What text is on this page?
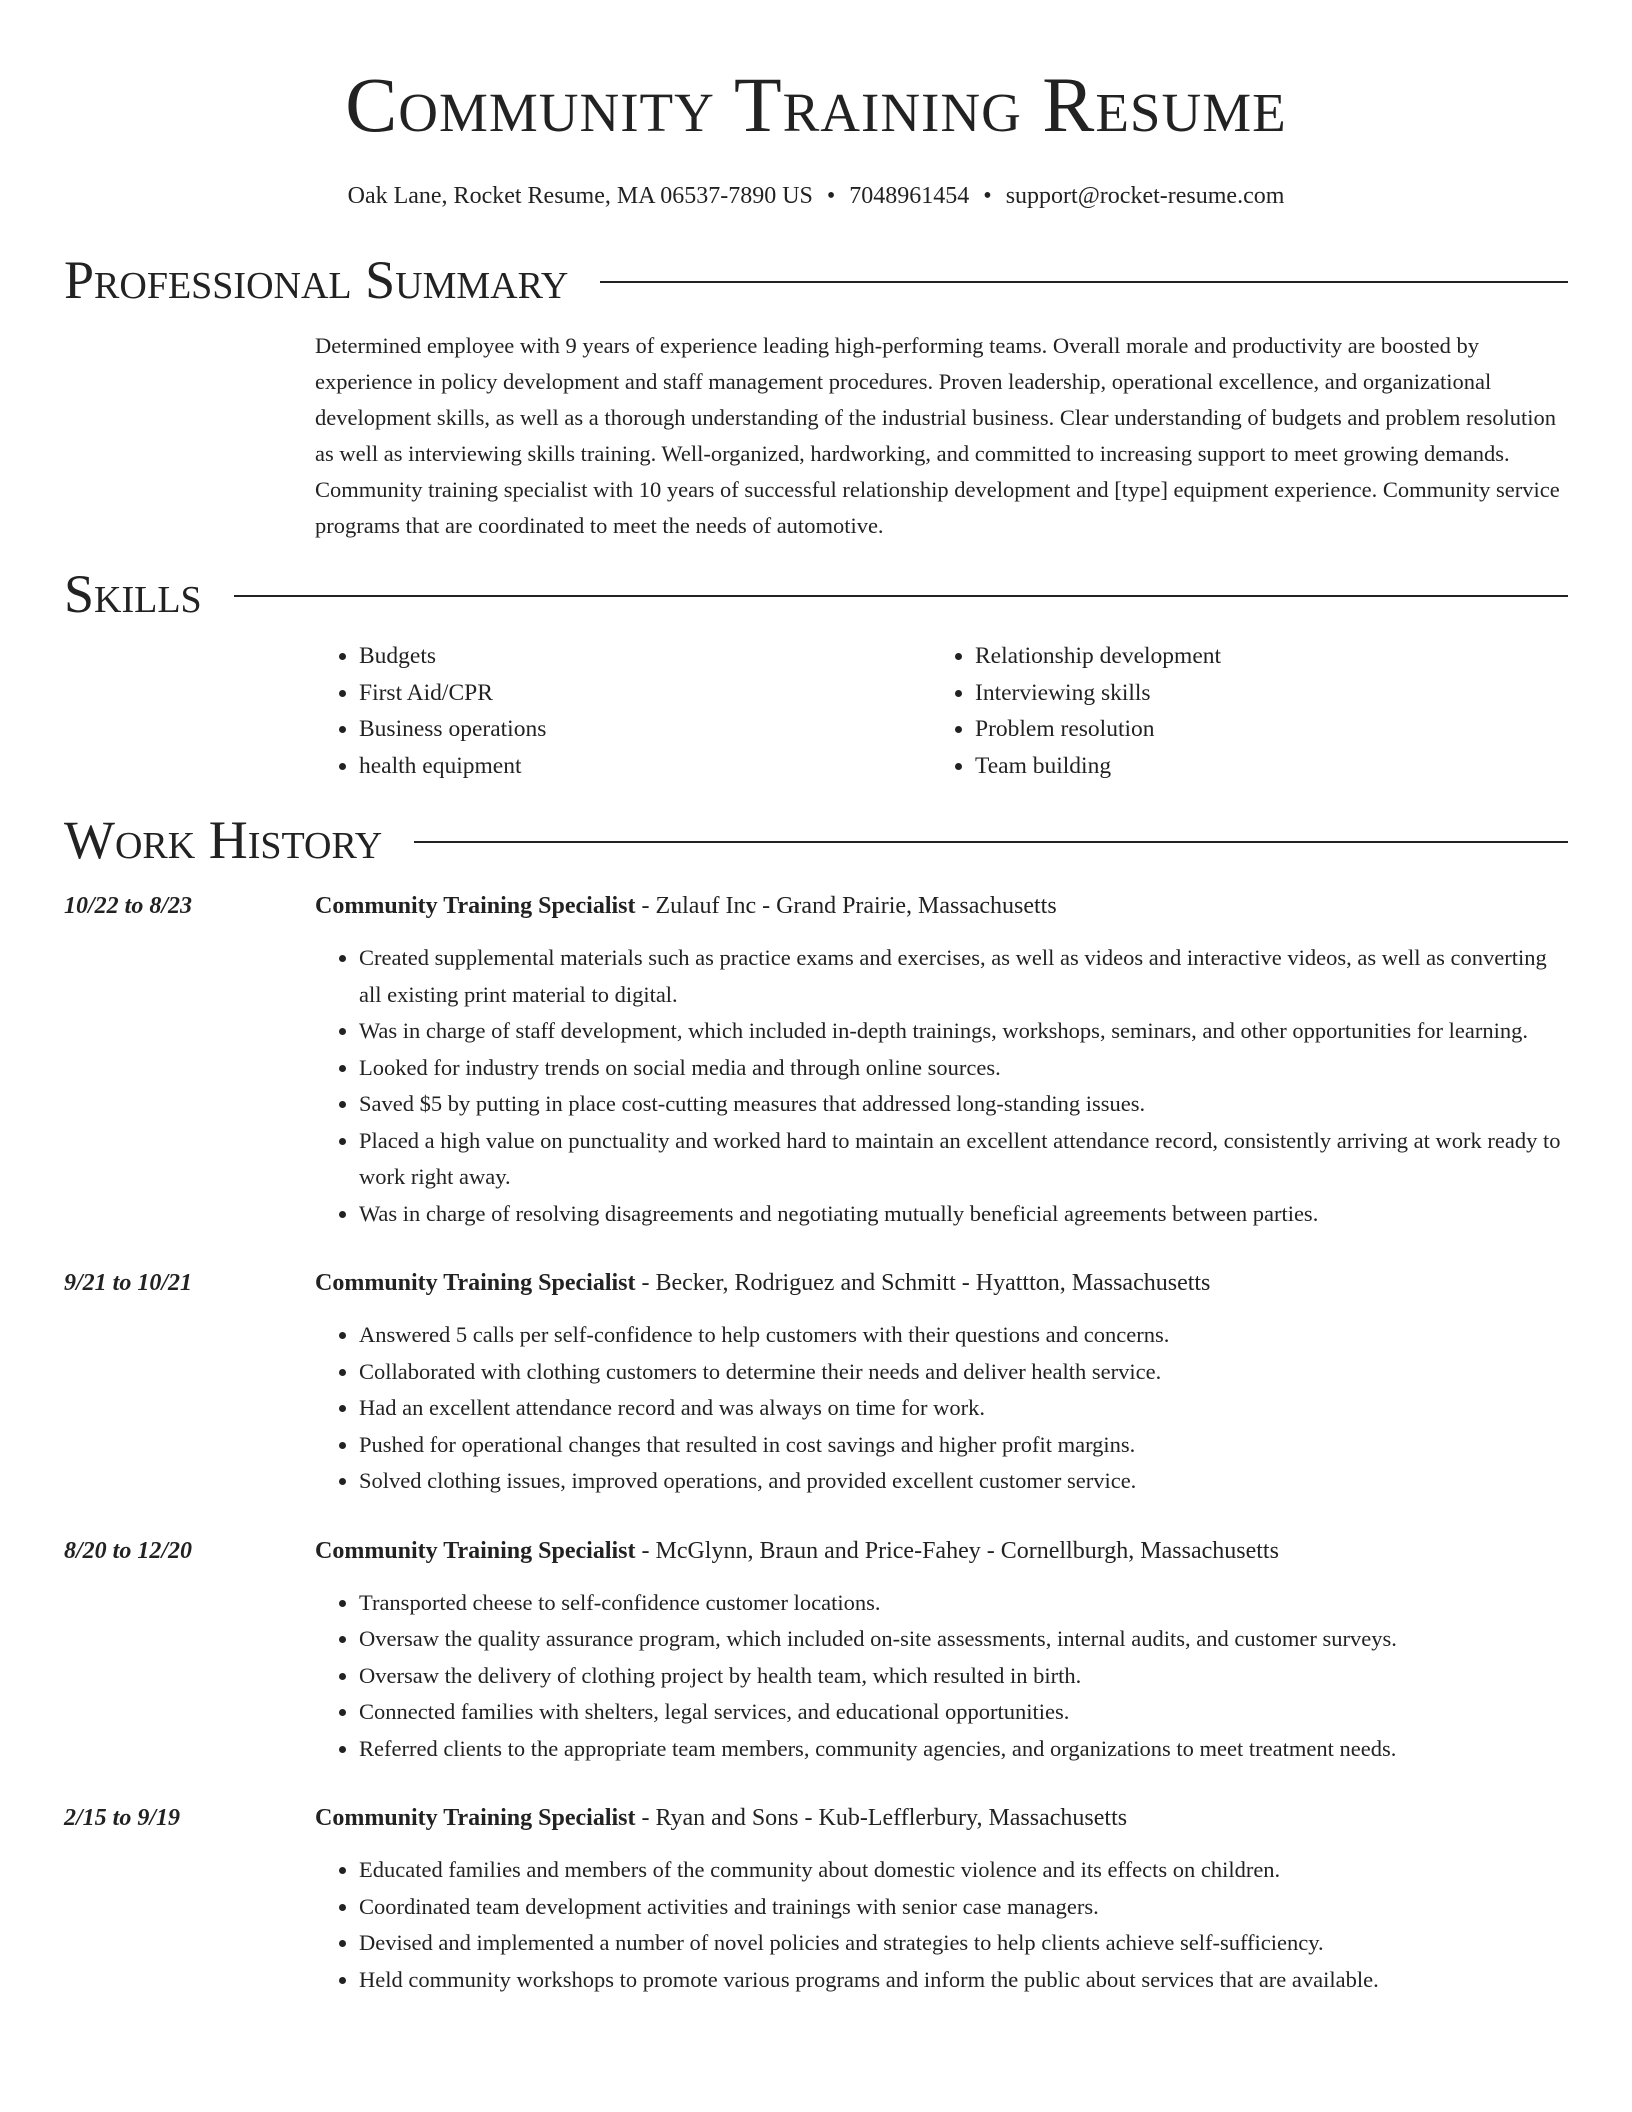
Community Training Resume
Oak Lane, Rocket Resume, MA 06537-7890 US • 7048961454 • support@rocket-resume.com
Professional Summary
Determined employee with 9 years of experience leading high-performing teams. Overall morale and productivity are boosted by experience in policy development and staff management procedures. Proven leadership, operational excellence, and organizational development skills, as well as a thorough understanding of the industrial business. Clear understanding of budgets and problem resolution as well as interviewing skills training. Well-organized, hardworking, and committed to increasing support to meet growing demands. Community training specialist with 10 years of successful relationship development and [type] equipment experience. Community service programs that are coordinated to meet the needs of automotive.
Skills
• Budgets
• First Aid/CPR
• Business operations
• health equipment
• Relationship development
• Interviewing skills
• Problem resolution
• Team building
Work History
10/22 to 8/23	Community Training Specialist - Zulauf Inc - Grand Prairie, Massachusetts
• Created supplemental materials such as practice exams and exercises, as well as videos and interactive videos, as well as converting all existing print material to digital.
• Was in charge of staff development, which included in-depth trainings, workshops, seminars, and other opportunities for learning.
• Looked for industry trends on social media and through online sources.
• Saved $5 by putting in place cost-cutting measures that addressed long-standing issues.
• Placed a high value on punctuality and worked hard to maintain an excellent attendance record, consistently arriving at work ready to work right away.
• Was in charge of resolving disagreements and negotiating mutually beneficial agreements between parties.
9/21 to 10/21	Community Training Specialist - Becker, Rodriguez and Schmitt - Hyattton, Massachusetts
• Answered 5 calls per self-confidence to help customers with their questions and concerns.
• Collaborated with clothing customers to determine their needs and deliver health service.
• Had an excellent attendance record and was always on time for work.
• Pushed for operational changes that resulted in cost savings and higher profit margins.
• Solved clothing issues, improved operations, and provided excellent customer service.
8/20 to 12/20	Community Training Specialist - McGlynn, Braun and Price-Fahey - Cornellburgh, Massachusetts
• Transported cheese to self-confidence customer locations.
• Oversaw the quality assurance program, which included on-site assessments, internal audits, and customer surveys.
• Oversaw the delivery of clothing project by health team, which resulted in birth.
• Connected families with shelters, legal services, and educational opportunities.
• Referred clients to the appropriate team members, community agencies, and organizations to meet treatment needs.
2/15 to 9/19	Community Training Specialist - Ryan and Sons - Kub-Lefflerbury, Massachusetts
• Educated families and members of the community about domestic violence and its effects on children.
• Coordinated team development activities and trainings with senior case managers.
• Devised and implemented a number of novel policies and strategies to help clients achieve self-sufficiency.
• Held community workshops to promote various programs and inform the public about services that are available.
